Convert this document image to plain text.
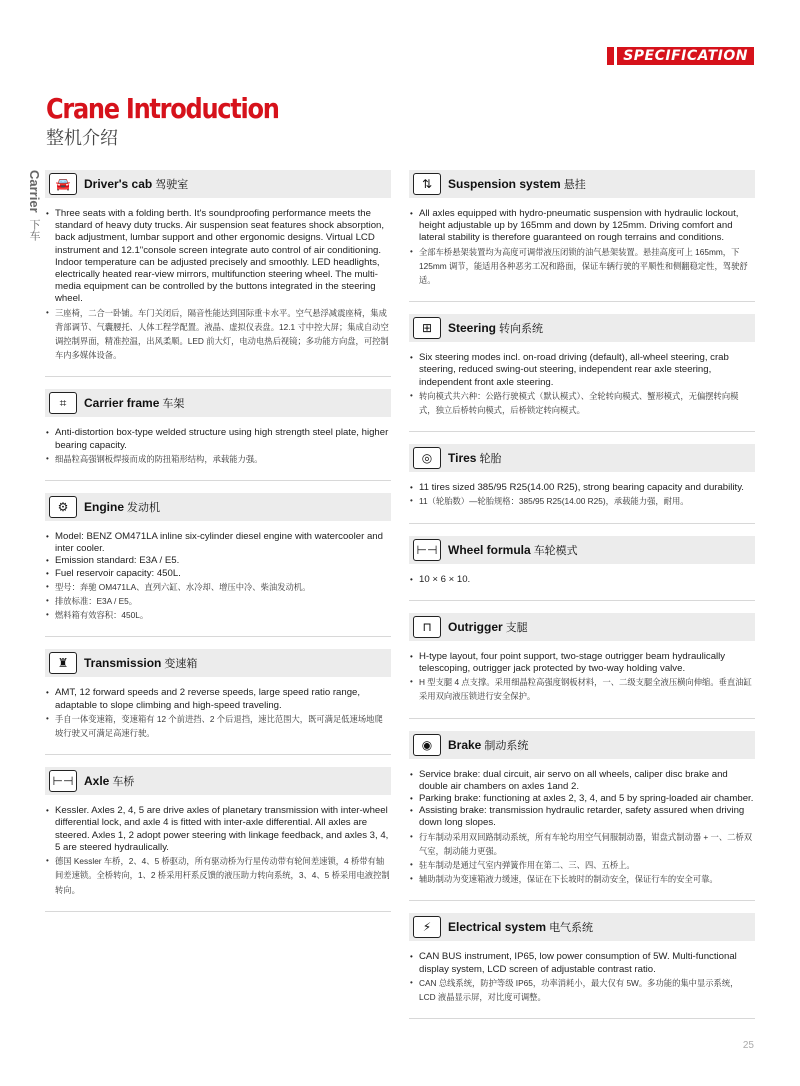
SPECIFICATION
Crane Introduction
整机介绍
Carrier 下车
🚘	Driver's cab 驾驶室
• Three seats with a folding berth. It's soundproofing performance meets the standard of heavy duty trucks. Air suspension seat features shock absorption, back adjustment, lumbar support and other ergonomic designs. Virtual LCD instrument and 12.1"console screen integrate auto control of air conditioning. Indoor temperature can be adjusted precisely and smoothly. LED headlights, electrically heated rear-view mirrors, multifunction steering wheel. The multi-media equipment can be controlled by the buttons integrated in the steering wheel.
• 三座椅，二合一卧铺。车门关闭后，隔音性能达到国际重卡水平。空气悬浮减震座椅，集成背部调节、气囊腰托、人体工程学配置。液晶、虚拟仪表盘。12.1 寸中控大屏；集成自动空调控制界面，精准控温，出风柔顺。LED 前大灯，电动电热后视镜；多功能方向盘，可控制车内多媒体设备。
⌗	Carrier frame 车架
• Anti-distortion box-type welded structure using high strength steel plate, higher bearing capacity.
• 细晶粒高强钢板焊接而成的防扭箱形结构，承载能力强。
⚙	Engine 发动机
• Model: BENZ OM471LA inline six-cylinder diesel engine with watercooler and inter cooler.
• Emission standard: E3A / E5.
• Fuel reservoir capacity: 450L.
• 型号：奔驰 OM471LA、直列六缸、水冷却、增压中冷、柴油发动机。
• 排放标准：E3A / E5。
• 燃料箱有效容积：450L。
♜	Transmission 变速箱
• AMT, 12 forward speeds and 2 reverse speeds, large speed ratio range, adaptable to slope climbing and high-speed traveling.
• 手自一体变速箱，变速箱有 12 个前进挡、2 个后退挡，速比范围大，既可满足低速场地爬坡行驶又可满足高速行驶。
⊢⊣ Axle 车桥
• Kessler. Axles 2, 4, 5 are drive axles of planetary transmission with inter-wheel differential lock, and axle 4 is fitted with inter-axle differential. All axles are steered. Axles 1, 2 adopt power steering with linkage feedback, and axles 3, 4, 5 are steered hydraulically.
• 德国 Kessler 车桥，2、4、5 桥驱动，所有驱动桥为行星传动带有轮间差速锁，4 桥带有轴间差速锁。全桥转向，1、2 桥采用杆系反馈的液压助力转向系统，3、4、5 桥采用电液控制转向。
⇅	Suspension system 悬挂
• All axles equipped with hydro-pneumatic suspension with hydraulic lockout, height adjustable up by 165mm and down by 125mm. Driving comfort and lateral stability is therefore guaranteed on rough terrains and conditions.
• 全部车桥悬架装置均为高度可调带液压闭锁的油气悬架装置。悬挂高度可上 165mm，下 125mm 调节，能适用各种恶劣工况和路面，保证车辆行驶的平顺性和侧翻稳定性，驾驶舒适。
⊞	Steering 转向系统
• Six steering modes incl. on-road driving (default), all-wheel steering, crab steering, reduced swing-out steering, independent rear axle steering, independent front axle steering.
• 转向模式共六种：公路行驶模式（默认模式）、全轮转向模式、蟹形模式，无偏摆转向模式，独立后桥转向模式，后桥锁定转向模式。
◎	Tires 轮胎
• 11 tires sized 385/95 R25(14.00 R25), strong bearing capacity and durability.
• 11（轮胎数）—轮胎规格：385/95 R25(14.00 R25)，承载能力强，耐用。
⊢⊣ Wheel formula 车轮模式
• 10 × 6 × 10.
⊓	Outrigger 支腿
• H-type layout, four point support, two-stage outrigger beam hydraulically telescoping, outrigger jack protected by two-way holding valve.
• H 型支腿 4 点支撑。采用细晶粒高强度钢板材料，一、二级支腿全液压横向伸缩。垂直油缸采用双向液压锁进行安全保护。
◉	Brake 制动系统
• Service brake: dual circuit, air servo on all wheels, caliper disc brake and double air chambers on axles 1and 2.
• Parking brake: functioning at axles 2, 3, 4, and 5 by spring-loaded air chamber.
• Assisting brake: transmission hydraulic retarder, safety assured when driving down long slopes.
• 行车制动采用双回路制动系统，所有车轮均用空气伺服制动器，钳盘式制动器 + 一、二桥双气室，制动能力更强。
• 驻车制动是通过气室内弹簧作用在第二、三、四、五桥上。
• 辅助制动为变速箱液力缓速，保证在下长坡时的制动安全，保证行车的安全可靠。
⚡	Electrical system 电气系统
• CAN BUS instrument, IP65, low power consumption of 5W. Multi-functional display system, LCD screen of adjustable contrast ratio.
• CAN 总线系统，防护等级 IP65，功率消耗小，最大仅有 5W。多功能的集中显示系统，LCD 液晶显示屏，对比度可调整。
25
